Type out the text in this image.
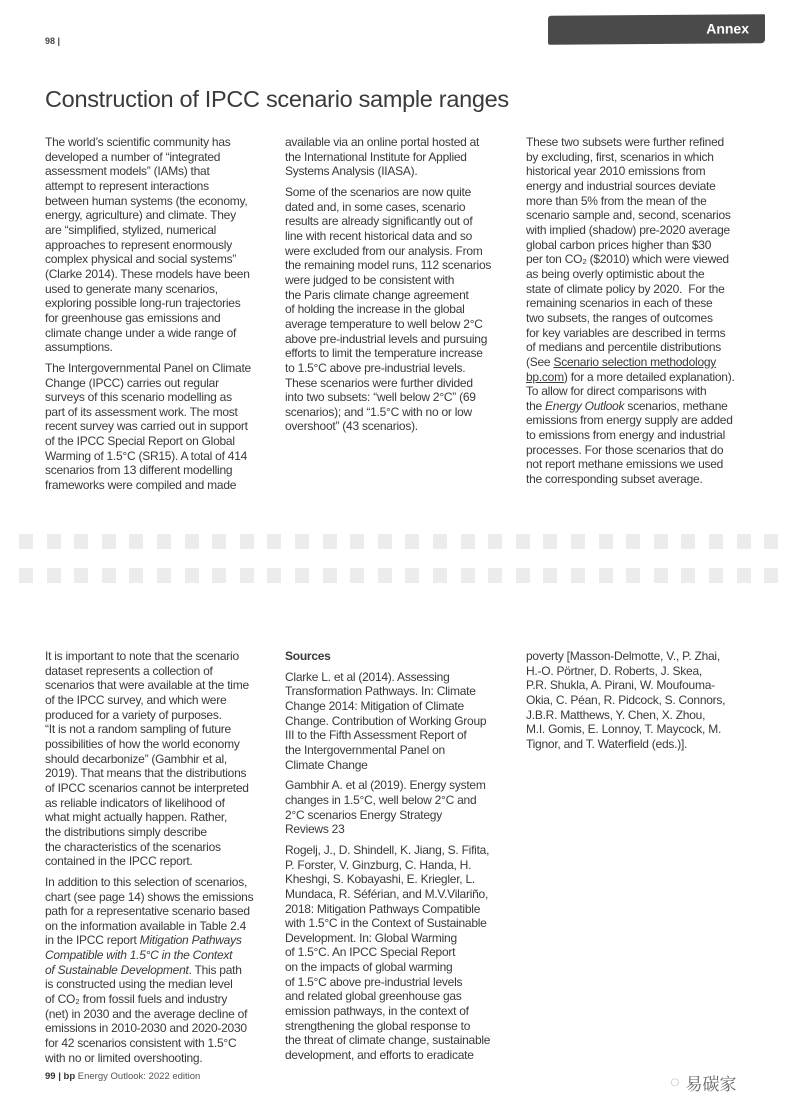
98 |
Annex
Construction of IPCC scenario sample ranges

The world’s scientific community has
developed a number of “integrated
assessment models” (IAMs) that
attempt to represent interactions
between human systems (the economy,
energy, agriculture) and climate. They
are “simplified, stylized, numerical
approaches to represent enormously
complex physical and social systems”
(Clarke 2014). These models have been
used to generate many scenarios,
exploring possible long-run trajectories
for greenhouse gas emissions and
climate change under a wide range of
assumptions.

The Intergovernmental Panel on Climate
Change (IPCC) carries out regular
surveys of this scenario modelling as
part of its assessment work. The most
recent survey was carried out in support
of the IPCC Special Report on Global
Warming of 1.5°C (SR15). A total of 414
scenarios from 13 different modelling
frameworks were compiled and made

available via an online portal hosted at
the International Institute for Applied
Systems Analysis (IIASA).

Some of the scenarios are now quite
dated and, in some cases, scenario
results are already significantly out of
line with recent historical data and so
were excluded from our analysis. From
the remaining model runs, 112 scenarios
were judged to be consistent with
the Paris climate change agreement
of holding the increase in the global
average temperature to well below 2°C
above pre-industrial levels and pursuing
efforts to limit the temperature increase
to 1.5°C above pre-industrial levels.
These scenarios were further divided
into two subsets: “well below 2°C” (69
scenarios); and “1.5°C with no or low
overshoot” (43 scenarios).

These two subsets were further refined
by excluding, first, scenarios in which
historical year 2010 emissions from
energy and industrial sources deviate
more than 5% from the mean of the
scenario sample and, second, scenarios
with implied (shadow) pre-2020 average
global carbon prices higher than $30
per ton CO₂ ($2010) which were viewed
as being overly optimistic about the
state of climate policy by 2020.  For the
remaining scenarios in each of these
two subsets, the ranges of outcomes
for key variables are described in terms
of medians and percentile distributions
(See Scenario selection methodology
bp.com) for a more detailed explanation).
To allow for direct comparisons with
the Energy Outlook scenarios, methane
emissions from energy supply are added
to emissions from energy and industrial
processes. For those scenarios that do
not report methane emissions we used
the corresponding subset average.

It is important to note that the scenario
dataset represents a collection of
scenarios that were available at the time
of the IPCC survey, and which were
produced for a variety of purposes.
“It is not a random sampling of future
possibilities of how the world economy
should decarbonize” (Gambhir et al,
2019). That means that the distributions
of IPCC scenarios cannot be interpreted
as reliable indicators of likelihood of
what might actually happen. Rather,
the distributions simply describe
the characteristics of the scenarios
contained in the IPCC report.

In addition to this selection of scenarios,
chart (see page 14) shows the emissions
path for a representative scenario based
on the information available in Table 2.4
in the IPCC report Mitigation Pathways
Compatible with 1.5°C in the Context
of Sustainable Development. This path
is constructed using the median level
of CO₂ from fossil fuels and industry
(net) in 2030 and the average decline of
emissions in 2010-2030 and 2020-2030
for 42 scenarios consistent with 1.5°C
with no or limited overshooting.

Sources

Clarke L. et al (2014). Assessing
Transformation Pathways. In: Climate
Change 2014: Mitigation of Climate
Change. Contribution of Working Group
III to the Fifth Assessment Report of
the Intergovernmental Panel on
Climate Change

Gambhir A. et al (2019). Energy system
changes in 1.5°C, well below 2°C and
2°C scenarios Energy Strategy
Reviews 23

Rogelj, J., D. Shindell, K. Jiang, S. Fifita,
P. Forster, V. Ginzburg, C. Handa, H.
Kheshgi, S. Kobayashi, E. Kriegler, L.
Mundaca, R. Séférian, and M.V.Vilariño,
2018: Mitigation Pathways Compatible
with 1.5°C in the Context of Sustainable
Development. In: Global Warming
of 1.5°C. An IPCC Special Report
on the impacts of global warming
of 1.5°C above pre-industrial levels
and related global greenhouse gas
emission pathways, in the context of
strengthening the global response to
the threat of climate change, sustainable
development, and efforts to eradicate

poverty [Masson-Delmotte, V., P. Zhai,
H.-O. Pörtner, D. Roberts, J. Skea,
P.R. Shukla, A. Pirani, W. Moufouma-
Okia, C. Péan, R. Pidcock, S. Connors,
J.B.R. Matthews, Y. Chen, X. Zhou,
M.I. Gomis, E. Lonnoy, T. Maycock, M.
Tignor, and T. Waterfield (eds.)].

99 | bp Energy Outlook: 2022 edition	◌ 易碳家
